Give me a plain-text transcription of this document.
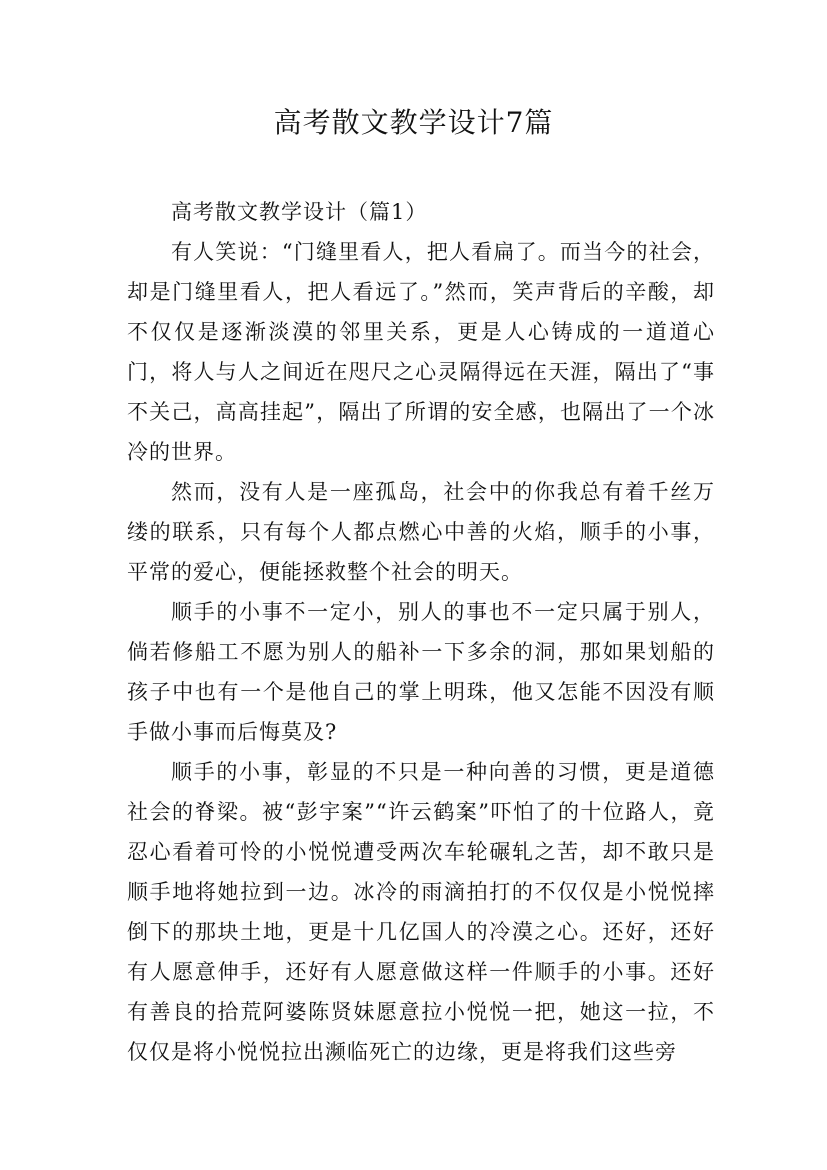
高考散文教学设计7篇

高考散文教学设计（篇1）

有人笑说：“门缝里看人，把人看扁了。而当今的社会，却是门缝里看人，把人看远了。”然而，笑声背后的辛酸，却不仅仅是逐渐淡漠的邻里关系，更是人心铸成的一道道心门，将人与人之间近在咫尺之心灵隔得远在天涯，隔出了“事不关己，高高挂起”，隔出了所谓的安全感，也隔出了一个冰冷的世界。

然而，没有人是一座孤岛，社会中的你我总有着千丝万缕的联系，只有每个人都点燃心中善的火焰，顺手的小事，平常的爱心，便能拯救整个社会的明天。

顺手的小事不一定小，别人的事也不一定只属于别人，倘若修船工不愿为别人的船补一下多余的洞，那如果划船的孩子中也有一个是他自己的掌上明珠，他又怎能不因没有顺手做小事而后悔莫及?

顺手的小事，彰显的不只是一种向善的习惯，更是道德社会的脊梁。被“彭宇案”“许云鹤案”吓怕了的十位路人，竟忍心看着可怜的小悦悦遭受两次车轮碾轧之苦，却不敢只是顺手地将她拉到一边。冰冷的雨滴拍打的不仅仅是小悦悦摔倒下的那块土地，更是十几亿国人的冷漠之心。还好，还好有人愿意伸手，还好有人愿意做这样一件顺手的小事。还好有善良的拾荒阿婆陈贤妹愿意拉小悦悦一把，她这一拉，不仅仅是将小悦悦拉出濒临死亡的边缘，更是将我们这些旁
